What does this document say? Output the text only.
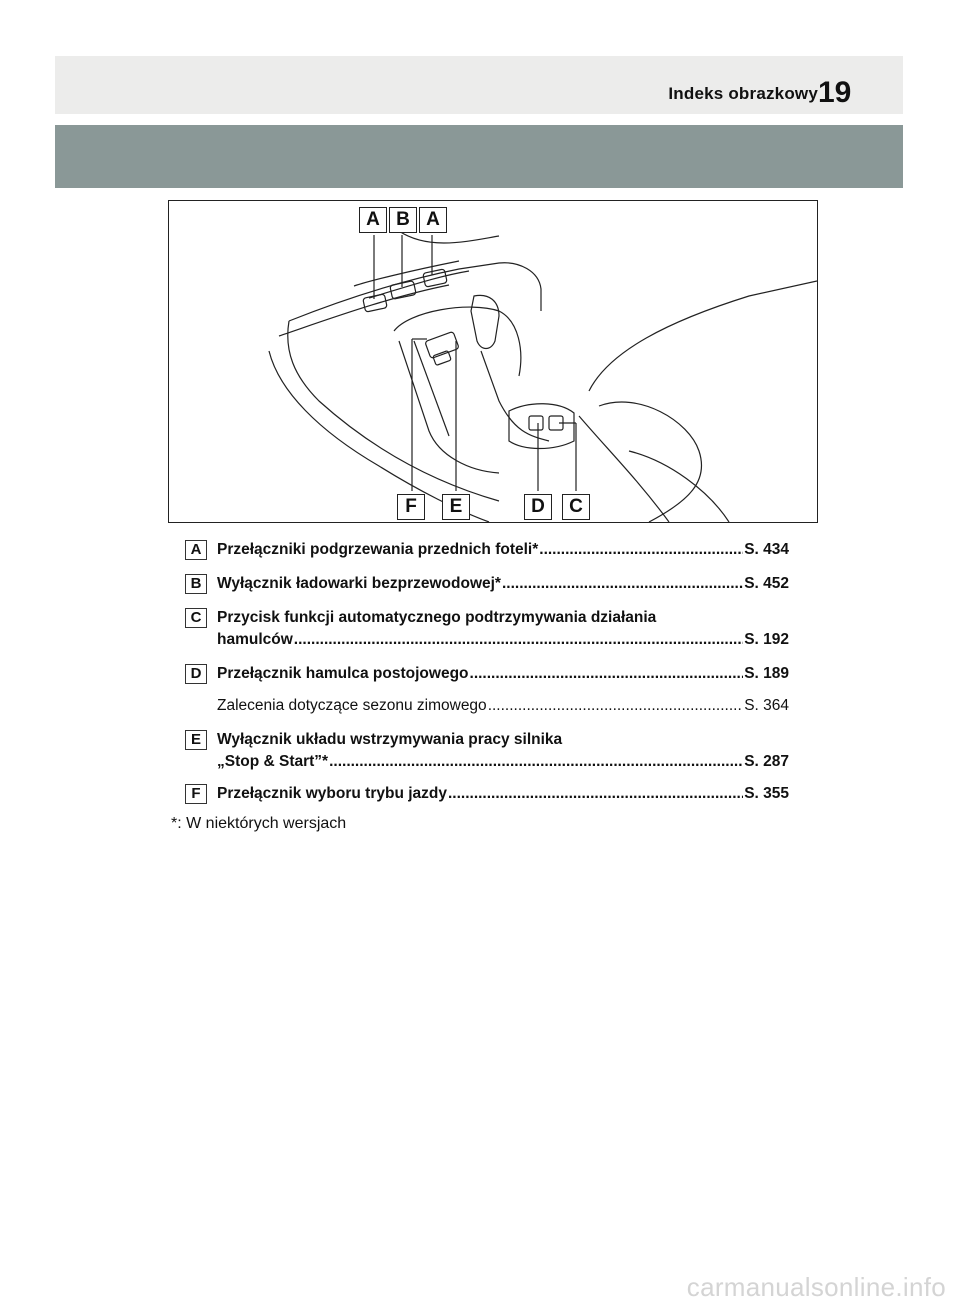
Indeks obrazkowy 19
A B A
F	E	D	C
A	Przełączniki podgrzewania przednich foteli* .....	S. 434
B	Wyłącznik ładowarki bezprzewodowej* .....	S. 452
C	Przycisk funkcji automatycznego podtrzymywania działania
hamulców .....	S. 192
D	Przełącznik hamulca postojowego .....	S. 189
Zalecenia dotyczące sezonu zimowego .....	S. 364
E	Wyłącznik układu wstrzymywania pracy silnika
„Stop & Start”* .....	S. 287
F	Przełącznik wyboru trybu jazdy .....	S. 355
*: W niektórych wersjach
carmanualsonline.info
